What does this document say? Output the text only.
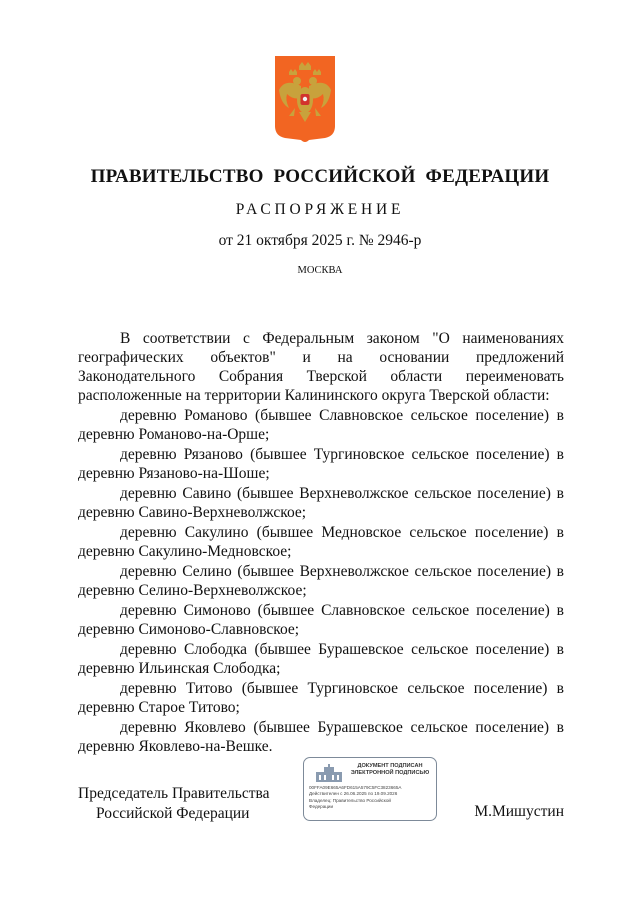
ПРАВИТЕЛЬСТВО РОССИЙСКОЙ ФЕДЕРАЦИИ
РАСПОРЯЖЕНИЕ
от 21 октября 2025 г. № 2946-р
МОСКВА

В соответствии с Федеральным законом "О наименованиях географических объектов" и на основании предложений Законодательного Собрания Тверской области переименовать расположенные на территории Калининского округа Тверской области:

деревню Романово (бывшее Славновское сельское поселение) в деревню Романово-на-Орше;

деревню Рязаново (бывшее Тургиновское сельское поселение) в деревню Рязаново-на-Шоше;

деревню Савино (бывшее Верхневолжское сельское поселение) в деревню Савино-Верхневолжское;

деревню Сакулино (бывшее Медновское сельское поселение) в деревню Сакулино-Медновское;

деревню Селино (бывшее Верхневолжское сельское поселение) в деревню Селино-Верхневолжское;

деревню Симоново (бывшее Славновское сельское поселение) в деревню Симоново-Славновское;

деревню Слободка (бывшее Бурашевское сельское поселение) в деревню Ильинская Слободка;

деревню Титово (бывшее Тургиновское сельское поселение) в деревню Старое Титово;

деревню Яковлево (бывшее Бурашевское сельское поселение) в деревню Яковлево-на-Вешке.

Председатель Правительства
Российской Федерации
ДОКУМЕНТ ПОДПИСАН
ЭЛЕКТРОННОЙ ПОДПИСЬЮ
00FFA09E665A6FD615A579C5FC3823665A
Действителен с 26.06.2025 по 19.09.2026
Владелец: Правительство Российской
Федерации	М.Мишустин
